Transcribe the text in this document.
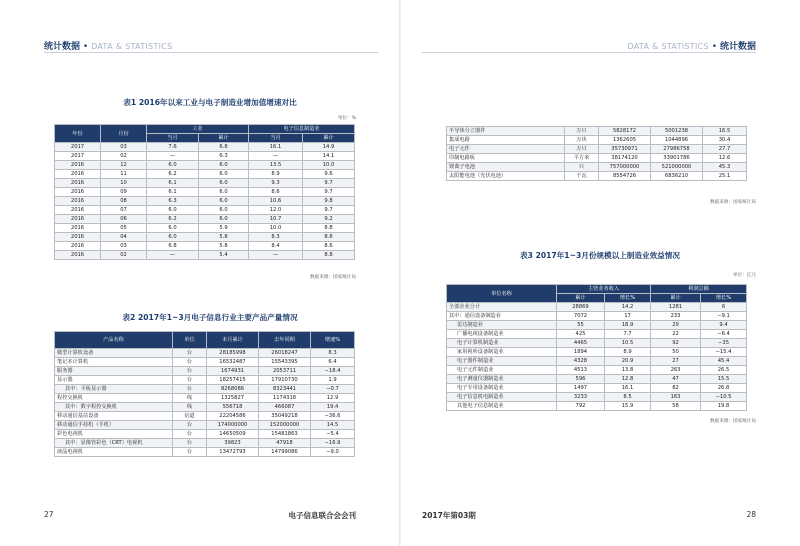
统计数据 • DATA & STATISTICS
表1 2016年以来工业与电子制造业增加值增速对比
单位：%
年份	月份	工业		电子信息制造业	
		当月	累计	当月	累计
2017	03	7.6	6.8	16.1	14.9
2017	02	—	6.3	—	14.1
2016	12	6.0	6.0	13.5	10.0
2016	11	6.2	6.0	8.9	9.6
2016	10	6.1	6.0	9.3	9.7
2016	09	6.1	6.0	8.6	9.7
2016	08	6.3	6.0	10.6	9.8
2016	07	6.0	6.0	12.0	9.7
2016	06	6.2	6.0	10.7	9.2
2016	05	6.0	5.9	10.0	8.8
2016	04	6.0	5.8	8.3	8.6
2016	03	6.8	5.8	8.4	8.6
2016	02	—	5.4	—	8.8
数据来源：国家统计局
表2 2017年1~3月电子信息行业主要产品产量情况
产品名称	单位	本月累计	去年同期	增速%
微型计算机设备	台	28185998	26018247	8.3
笔记本计算机	台	16532487	15543395	6.4
服务器	台	1674931	2053711	−18.4
显示器	台	18257415	17910730	1.9
其中：平板显示器	台	8268086	8323441	−0.7
程控交换机	线	1325827	1174318	12.9
其中：数字程控交换机	线	556718	466087	19.4
移动通信基站设备	信道	22204586	35049218	−36.6
移动通信手持机（手机）	台	174000000	152000000	14.5
彩色电视机	台	14650509	15481863	−5.4
其中：显像管彩色（CRT）电视机	台	39823	47918	−16.9
液晶电视机	台	13472793	14799086	−9.0
27	电子信息联合会会刊
DATA & STATISTICS • 统计数据
半导体分立器件	万只	5828172	5001238	16.5
集成电路	万块	1362605	1044896	30.4
电子元件	万只	35730971	27986758	27.7
印制电路板	平方米	38174120	33901786	12.6
锂离子电池	只	757000000	521000000	45.3
太阳能电池（光伏电池）	千瓦	8554726	6836210	25.1
数据来源：国家统计局
表3 2017年1~3月份规模以上制造业效益情况
单位：亿元
单位名称	主营业务收入		利润总额	
	累计	增长%	累计	增长%
全部企业合计	28869	14.2	1281	6
其中：通信设备制造业	7072	17	233	−9.1
雷达制造业	55	18.9	29	9.4
广播电视设备制造业	425	7.7	22	−6.4
电子计算机制造业	4465	10.5	92	−35
家用视听设备制造业	1894	8.9	50	−15.4
电子器件制造业	4328	20.9	27	45.4
电子元件制造业	4513	13.8	263	26.5
电子测量仪器制造业	596	12.8	47	15.5
电子专用设备制造业	1497	16.1	82	26.8
电子信息机电制造业	3233	8.5	163	−10.5
其他电子信息制造业	792	15.9	58	19.8
数据来源：国家统计局
2017年第03期	28
